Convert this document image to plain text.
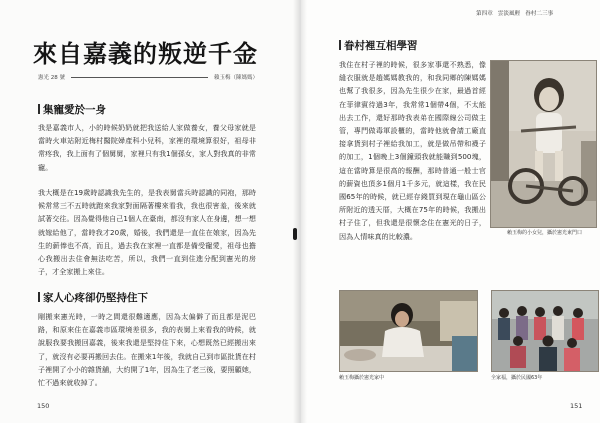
來自嘉義的叛逆千金
憲光 28 號	賴玉梅（陳媽媽）
集寵愛於一身

我是嘉義市人，小的時候奶奶就把我送給人家做養女，養父母家就是當時火車站附近梅村醫院婦產科小兒科，家裡的環境算很好，祖母非常疼我，我上面有了個舅舅，家裡只有我1個孫女，家人對我真的非常寵。

我大概是在19歲時認識我先生的，是我表舅當兵時認識的同袍，那時候常常三不五時就跑來我家對面隔著樓來看我，我也很害羞，後來就試著交往。因為覺得他自己1個人在臺南，都沒有家人在身邊，想一想就嫁給他了，當時我才20歲，婚後，我們還是一直住在娘家，因為先生的薪俸也不高，而且，過去我在家裡一直都是備受寵愛，祖母也擔心我搬出去住會無法吃苦，所以，我們一直到住進分配到憲光的房子，才全家搬上來住。

家人心疼卻仍堅持住下

剛搬來憲光時，一時之間還很難適應，因為太偏僻了而且都是泥巴路，和原來住在嘉義市區環境差很多，我的表舅上來看我的時候，就說服我要我搬回嘉義，後來我還是堅持住下來，心想既然已經搬出來了，就沒有必要再搬回去住。在搬來1年後，我就自己到市區批貨在村子裡開了小小的雜貨舖，大約開了1年，因為生了老三後，要照顧她，忙不過來就收掉了。

150
第四章 雲淡風輕 眷村二三事
眷村裡互相學習

我住在村子裡的時候，很多家事還不熟悉，像縫衣服就是趙媽媽教我的，和我同鄉的陳媽媽也幫了我很多，因為先生很少在家，最過首經在菲律賓待過3年，我常常1個帶4個，不太能出去工作，還好那時我表弟在國際線公司做主管，專門做毒軍設櫃的，當時他就會請工廠直接拿貨到村子裡給我加工，就是做吊帶和襪子的加工，1個晚上3個鐘頭我就能賺到500塊，這在當時算是很高的報酬，那時普通一般士官的薪資也頂多1個月1千多元，就這樣，我在民國65年的時候，就已經存錢買到現在龜山區公所附近的透天厝，大概在75年的時候，我搬出村子住了，但我還是很懷念住在憲光的日子，因為人情味真的比較濃。	賴玉梅的小女兒，攝於憲光東門口
賴玉梅攝於憲光家中	全家福，攝於民國63年
151
